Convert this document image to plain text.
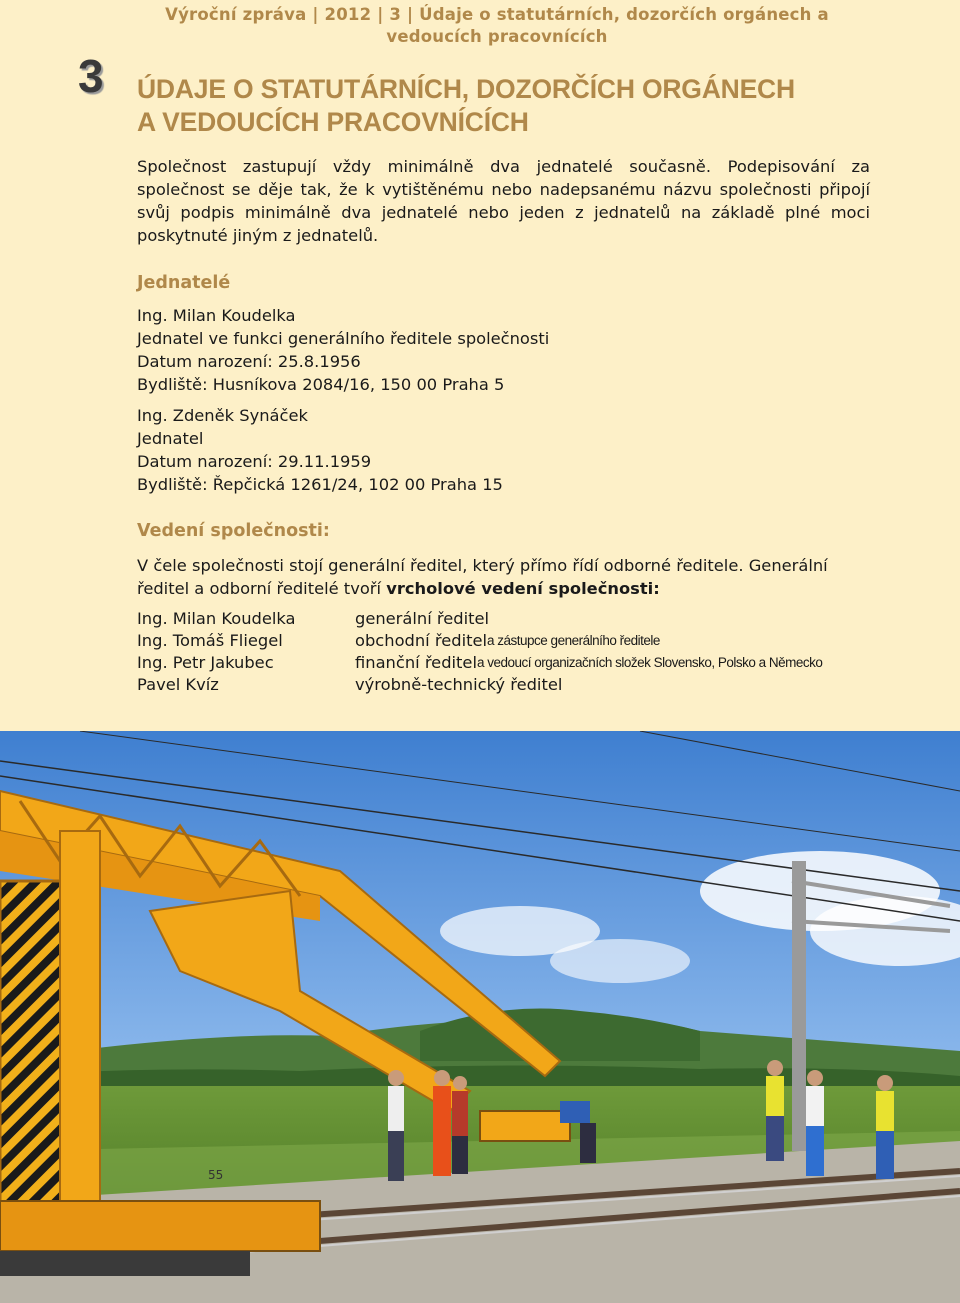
Výroční zpráva | 2012 | 3 | Údaje o statutárních, dozorčích orgánech a
vedoucích pracovnících
3 ÚDAJE O STATUTÁRNÍCH, DOZORČÍCH ORGÁNECH
A VEDOUCÍCH PRACOVNÍCÍCH

Společnost zastupují vždy minimálně dva jednatelé současně. Podepisování za společnost se děje tak, že k vytištěnému nebo nadepsanému názvu společnosti připojí svůj podpis minimálně dva jednatelé nebo jeden z jednatelů na základě plné moci poskytnuté jiným z jednatelů.

Jednatelé
Ing. Milan Koudelka
Jednatel ve funkci generálního ředitele společnosti
Datum narození: 25.8.1956
Bydliště: Husníkova 2084/16, 150 00 Praha 5
Ing. Zdeněk Synáček
Jednatel
Datum narození: 29.11.1959
Bydliště: Řepčická 1261/24, 102 00 Praha 15
Vedení společnosti:

V čele společnosti stojí generální ředitel, který přímo řídí odborné ředitele. Generální ředitel a odborní ředitelé tvoří vrcholové vedení společnosti:

Ing. Milan Koudelka	generální ředitel
Ing. Tomáš Fliegel	obchodní ředitel a zástupce generálního ředitele
Ing. Petr Jakubec	finanční ředitel a vedoucí organizačních složek Slovensko, Polsko a Německo
Pavel Kvíz	výrobně-technický ředitel
55
